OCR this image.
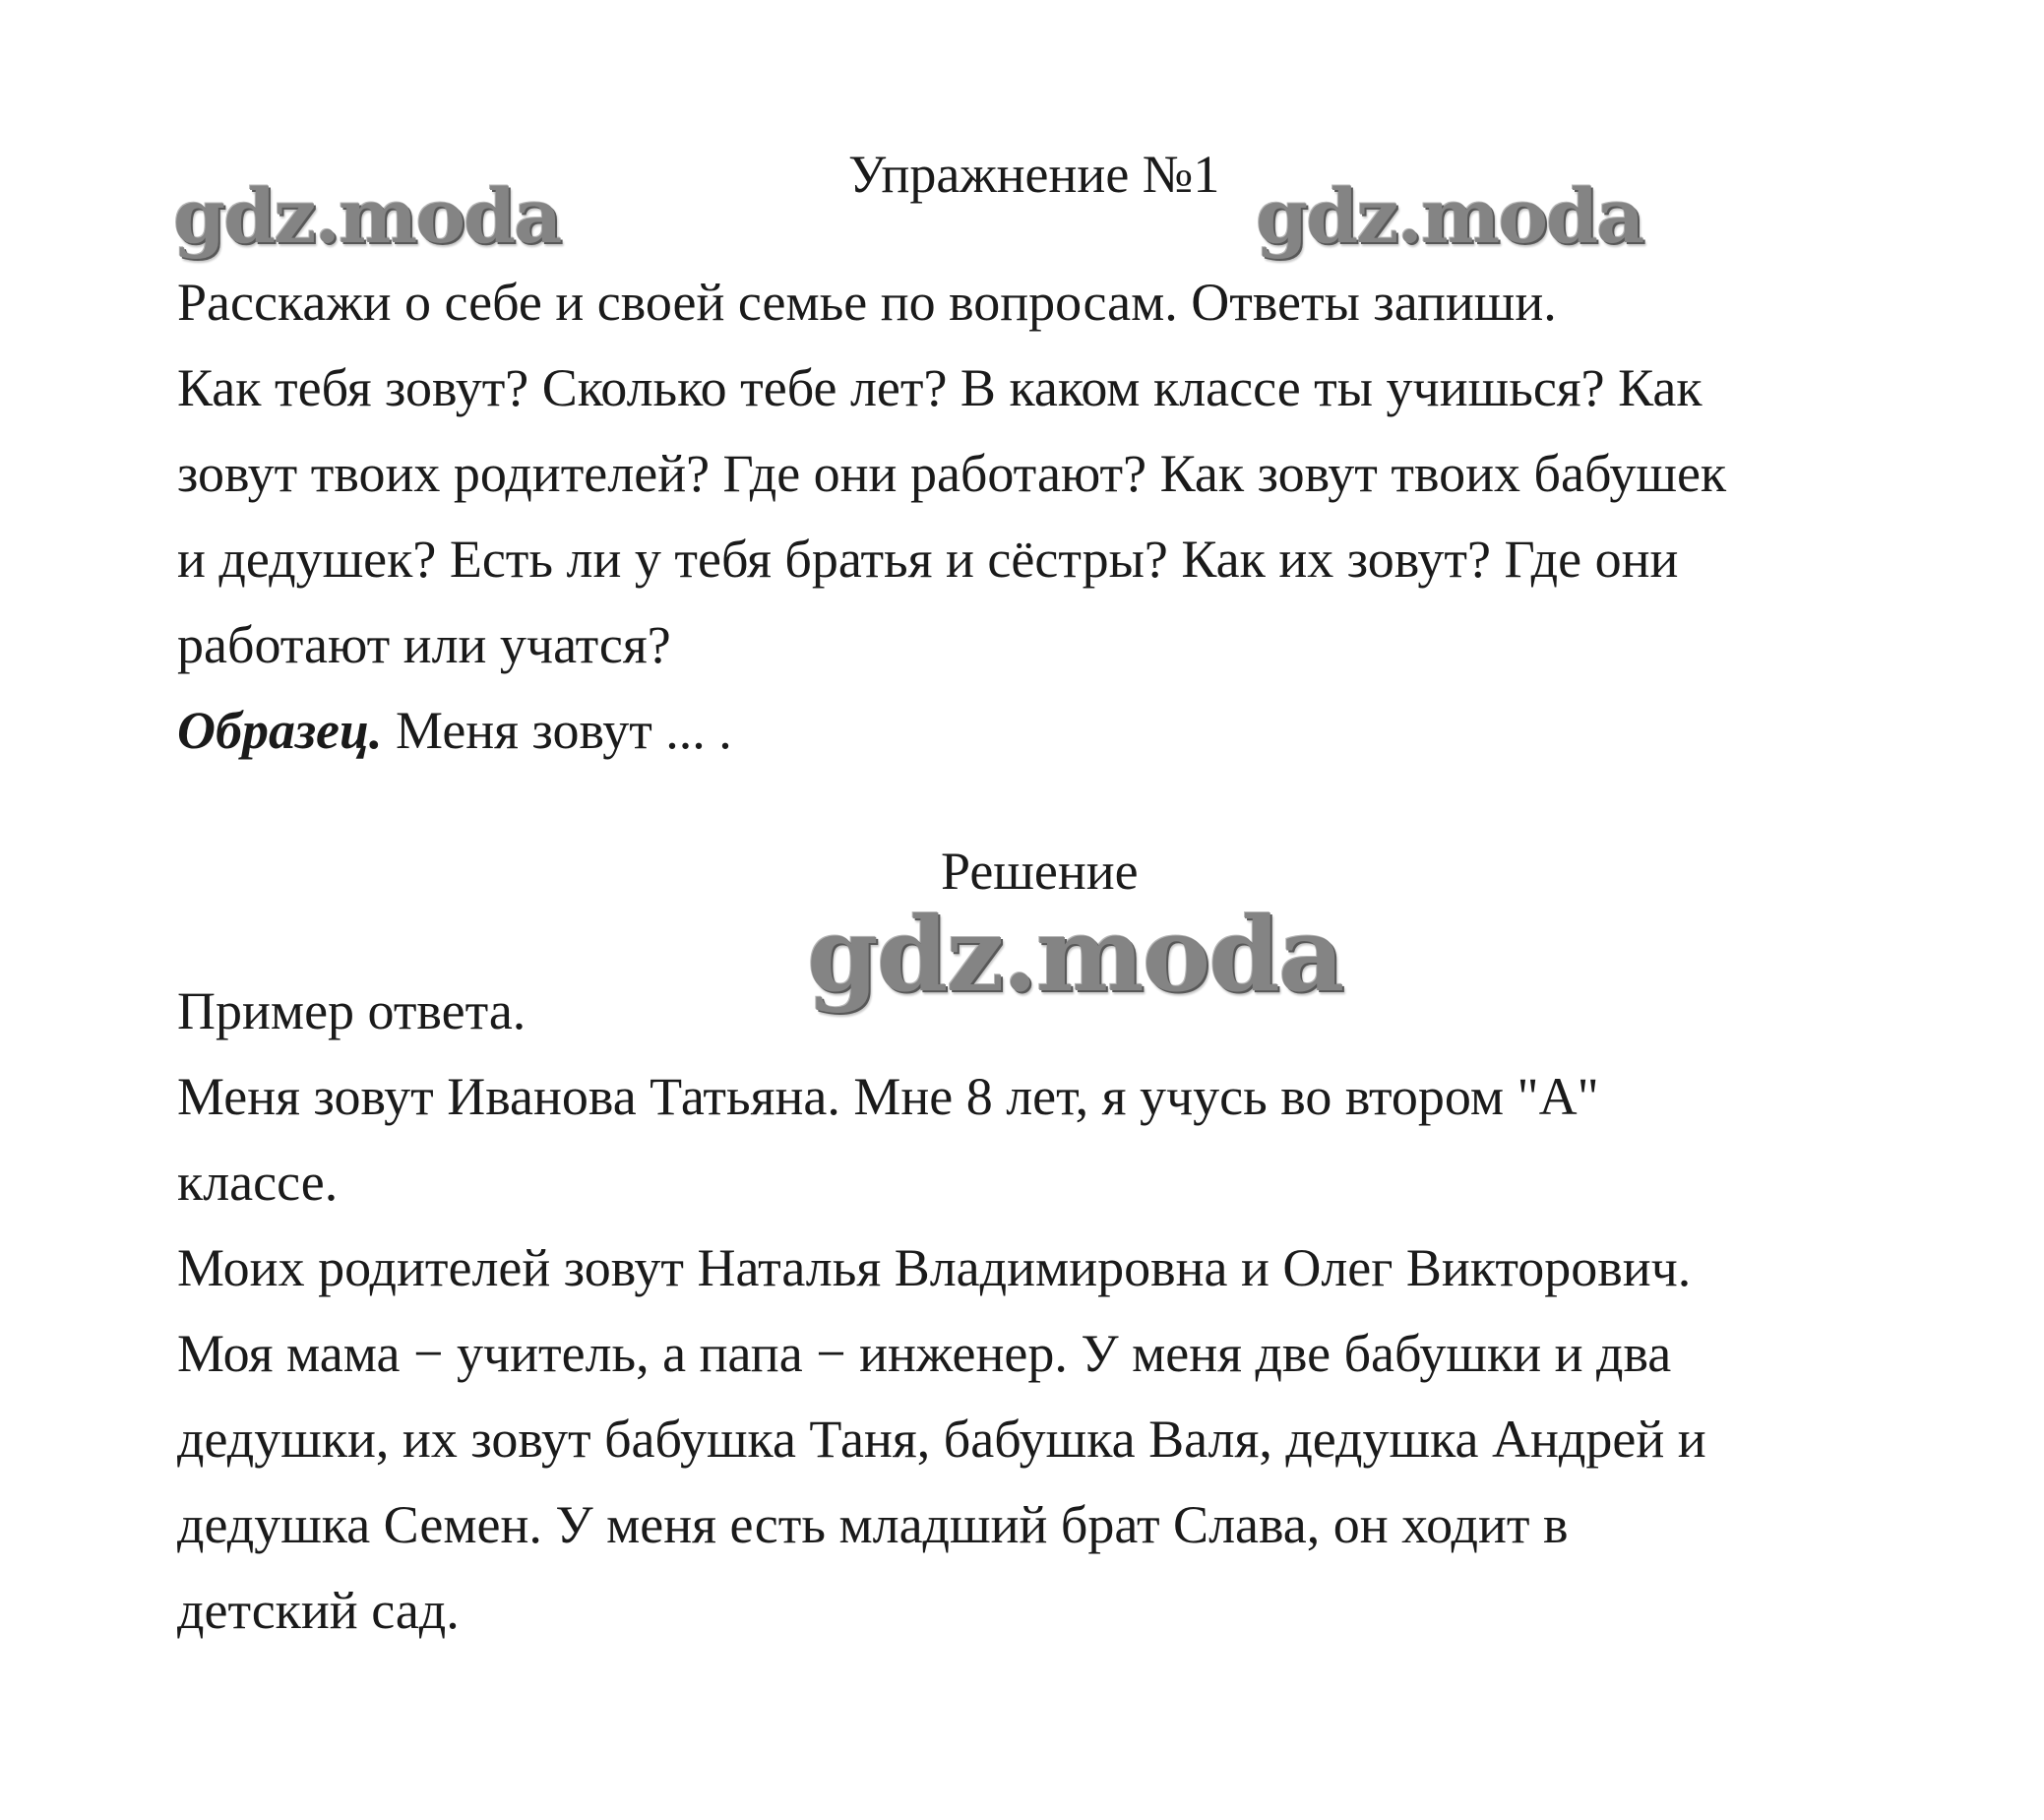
gdz.moda	gdz.moda
gdz.moda
Упражнение №1
Расскажи о себе и своей семье по вопросам. Ответы запиши.
Как тебя зовут? Сколько тебе лет? В каком классе ты учишься? Как
зовут твоих родителей? Где они работают? Как зовут твоих бабушек
и дедушек? Есть ли у тебя братья и сёстры? Как их зовут? Где они
работают или учатся?
Образец. Меня зовут ... .
Решение
Пример ответа.
Меня зовут Иванова Татьяна. Мне 8 лет, я учусь во втором "А"
классе.
Моих родителей зовут Наталья Владимировна и Олег Викторович.
Моя мама − учитель, а папа − инженер. У меня две бабушки и два
дедушки, их зовут бабушка Таня, бабушка Валя, дедушка Андрей и
дедушка Семен. У меня есть младший брат Слава, он ходит в
детский сад.
